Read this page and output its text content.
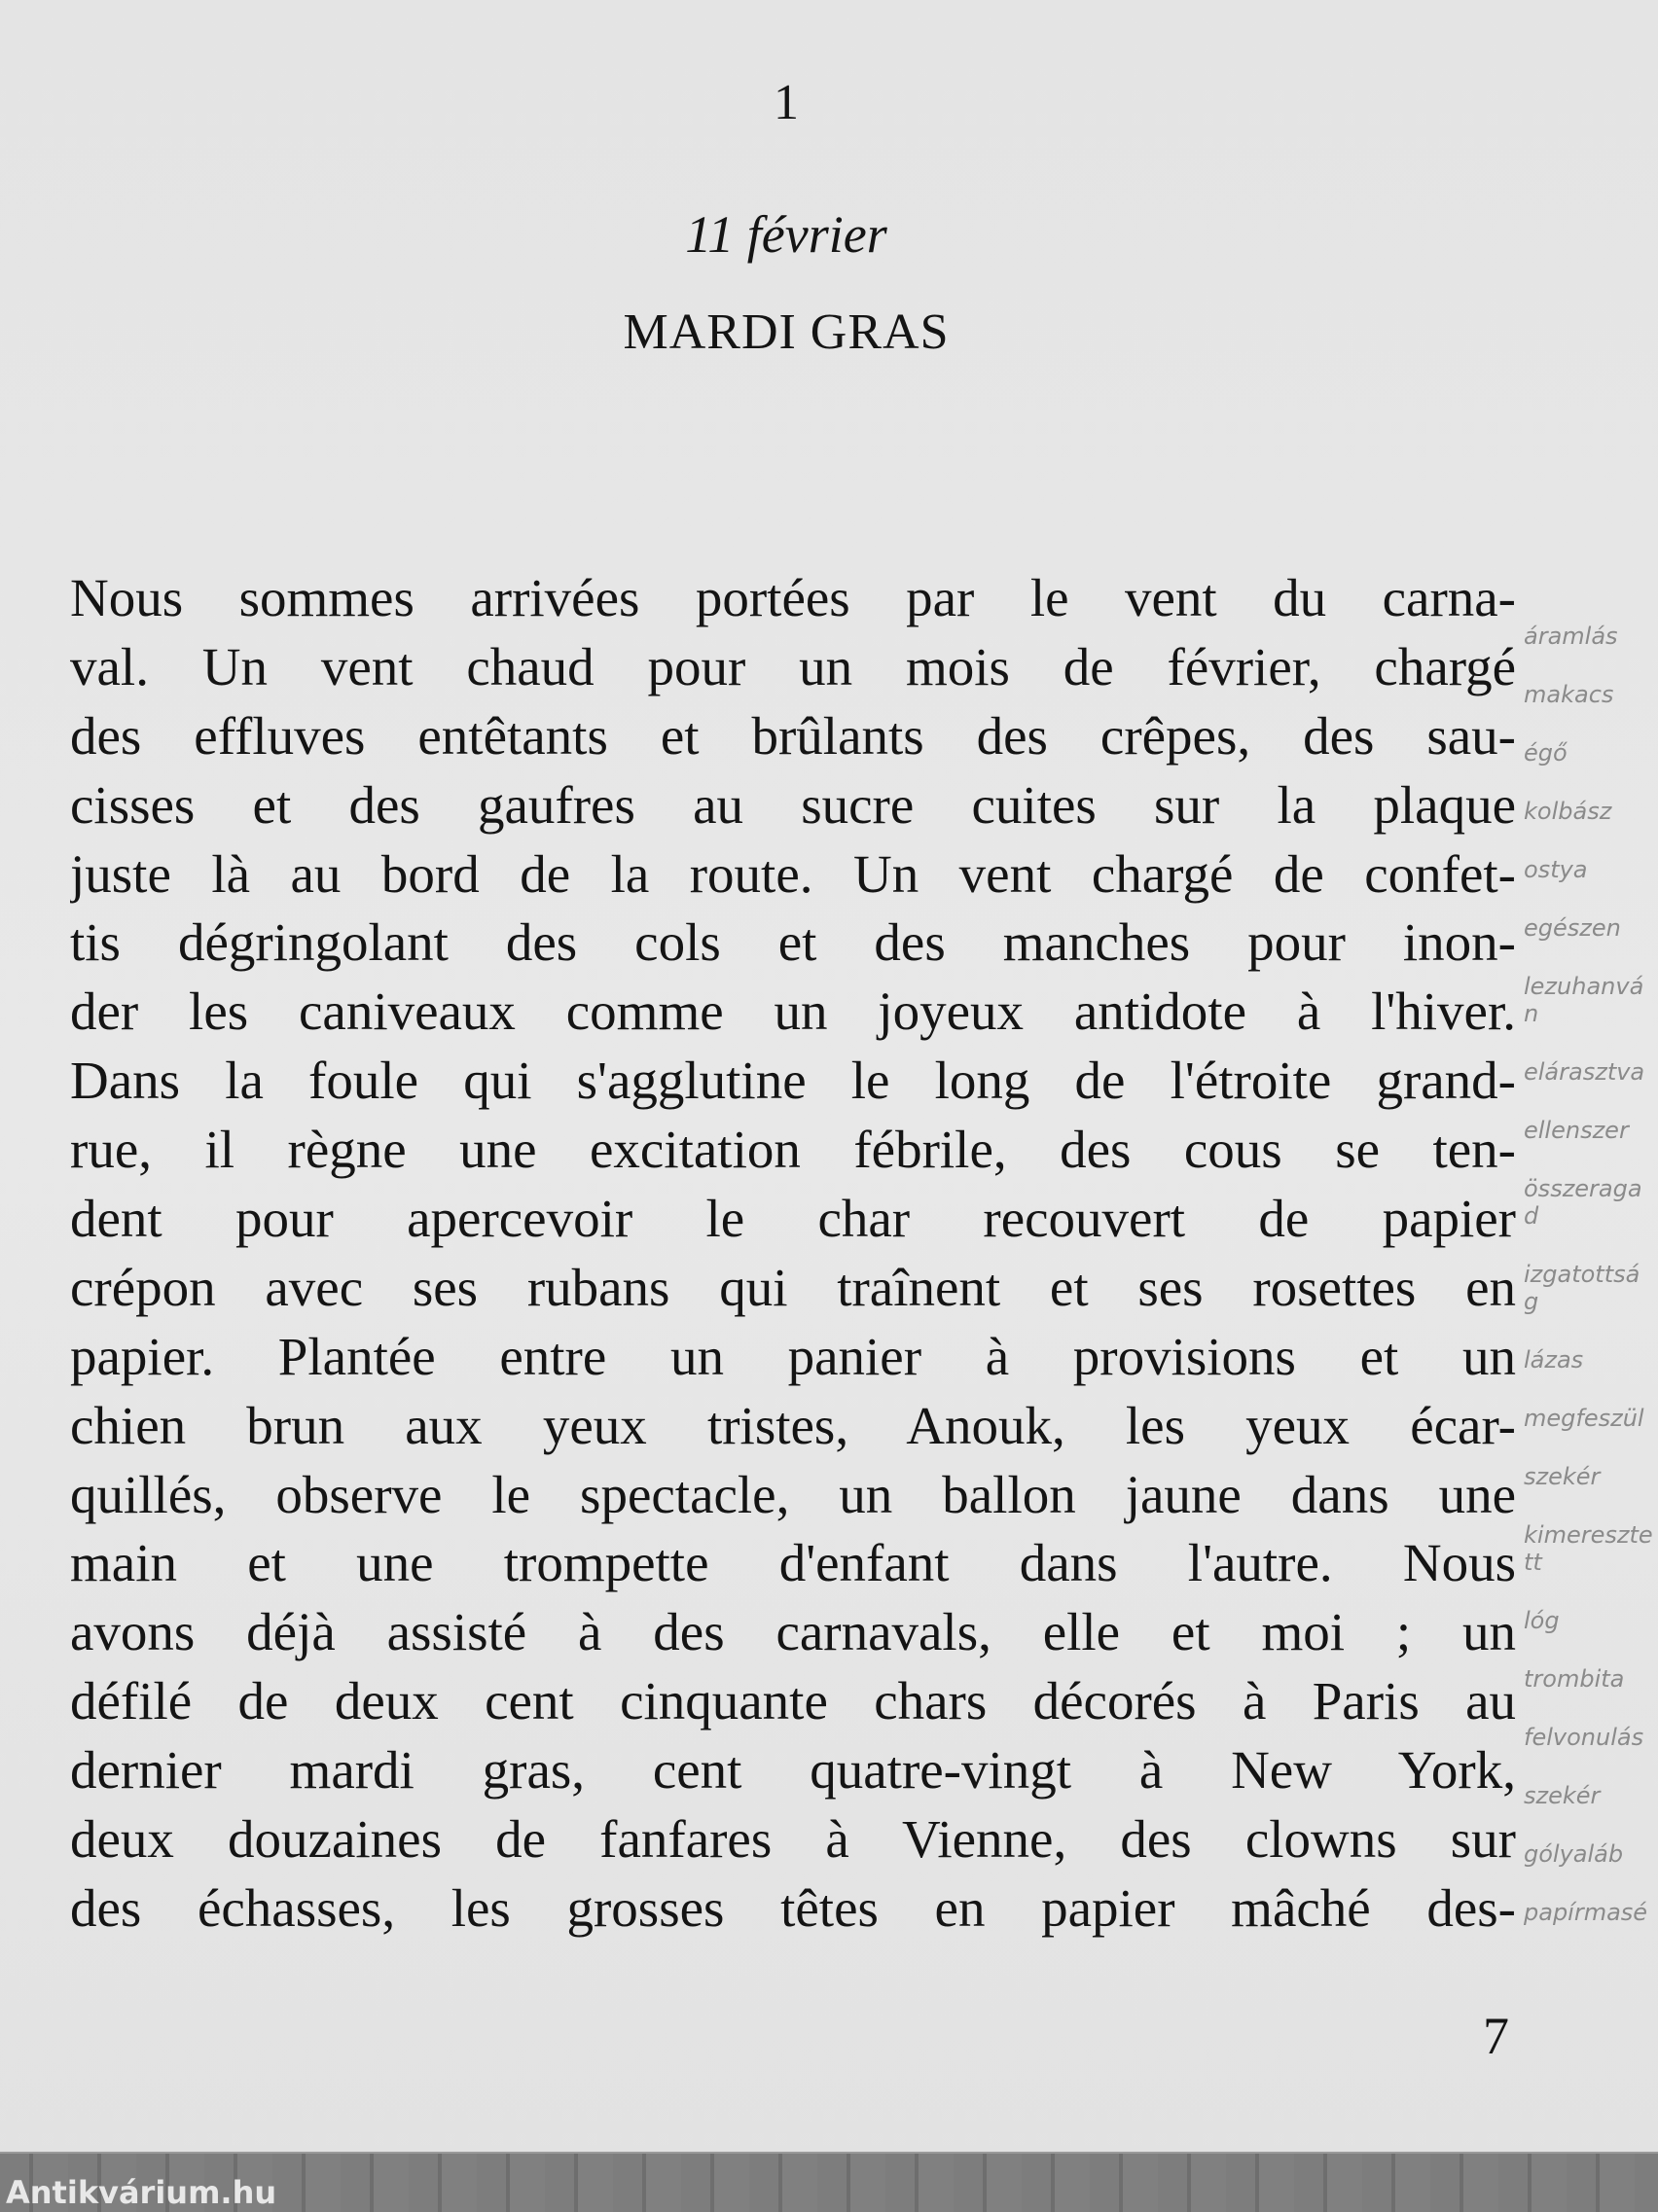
1
11 février
MARDI GRAS
Nous sommes arrivées portées par le vent du carna-
val. Un vent chaud pour un mois de février, chargé
des effluves entêtants et brûlants des crêpes, des sau-
cisses et des gaufres au sucre cuites sur la plaque
juste là au bord de la route. Un vent chargé de confet-
tis dégringolant des cols et des manches pour inon-
der les caniveaux comme un joyeux antidote à l'hiver.
Dans la foule qui s'agglutine le long de l'étroite grand-
rue, il règne une excitation fébrile, des cous se ten-
dent pour apercevoir le char recouvert de papier
crépon avec ses rubans qui traînent et ses rosettes en
papier. Plantée entre un panier à provisions et un
chien brun aux yeux tristes, Anouk, les yeux écar-
quillés, observe le spectacle, un ballon jaune dans une
main et une trompette d'enfant dans l'autre. Nous
avons déjà assisté à des carnavals, elle et moi ; un
défilé de deux cent cinquante chars décorés à Paris au
dernier mardi gras, cent quatre-vingt à New York,
deux douzaines de fanfares à Vienne, des clowns sur
des échasses, les grosses têtes en papier mâché des-
áramlás
makacs
égő
kolbász
ostya
egészen
lezuhanván
elárasztva
ellenszer
összeragad
izgatottság
lázas
megfeszül
szekér
kimeresztett
lóg
trombita
felvonulás
szekér
gólyaláb
papírmasé
7
Antikvárium.hu
